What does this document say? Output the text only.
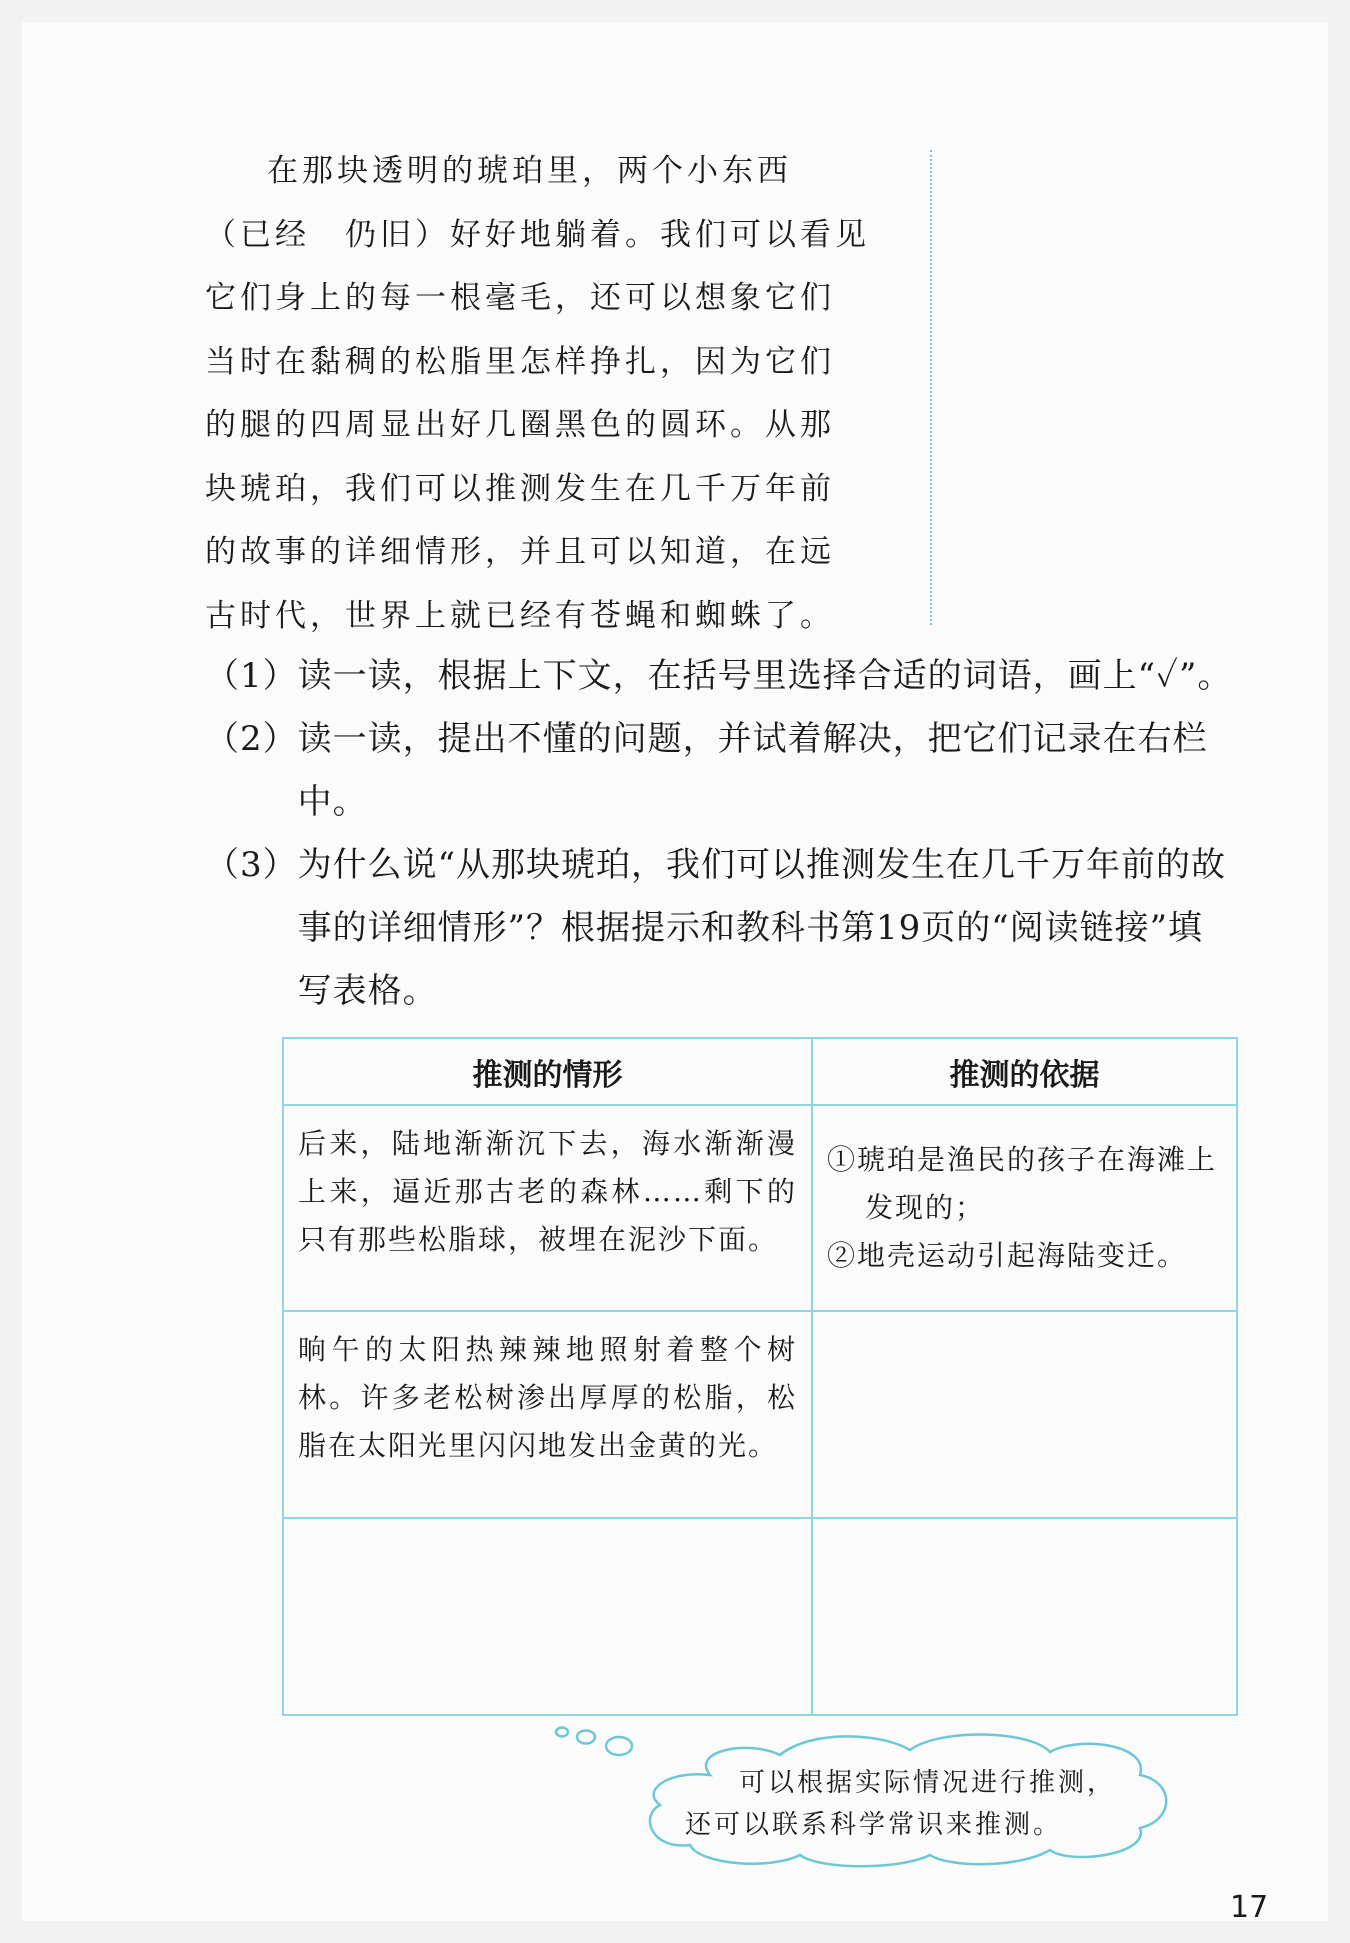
在那块透明的琥珀里，两个小东西
（已经　仍旧）好好地躺着。我们可以看见
它们身上的每一根毫毛，还可以想象它们
当时在黏稠的松脂里怎样挣扎，因为它们
的腿的四周显出好几圈黑色的圆环。从那
块琥珀，我们可以推测发生在几千万年前
的故事的详细情形，并且可以知道，在远
古时代，世界上就已经有苍蝇和蜘蛛了。
（1） 读一读，根据上下文，在括号里选择合适的词语，画上“✓”。
（2） 读一读，提出不懂的问题，并试着解决，把它们记录在右栏中。
（3） 为什么说“从那块琥珀，我们可以推测发生在几千万年前的故事的详细情形”？根据提示和教科书第19页的“阅读链接”填写表格。
推测的情形	推测的依据
后来，陆地渐渐沉下去，海水渐渐漫上来，逼近那古老的森林……剩下的只有那些松脂球，被埋在泥沙下面。	①琥珀是渔民的孩子在海滩上发现的；
②地壳运动引起海陆变迁。

晌午的太阳热辣辣地照射着整个树林。许多老松树渗出厚厚的松脂，松脂在太阳光里闪闪地发出金黄的光。	

可以根据实际情况进行推测，
还可以联系科学常识来推测。
17
